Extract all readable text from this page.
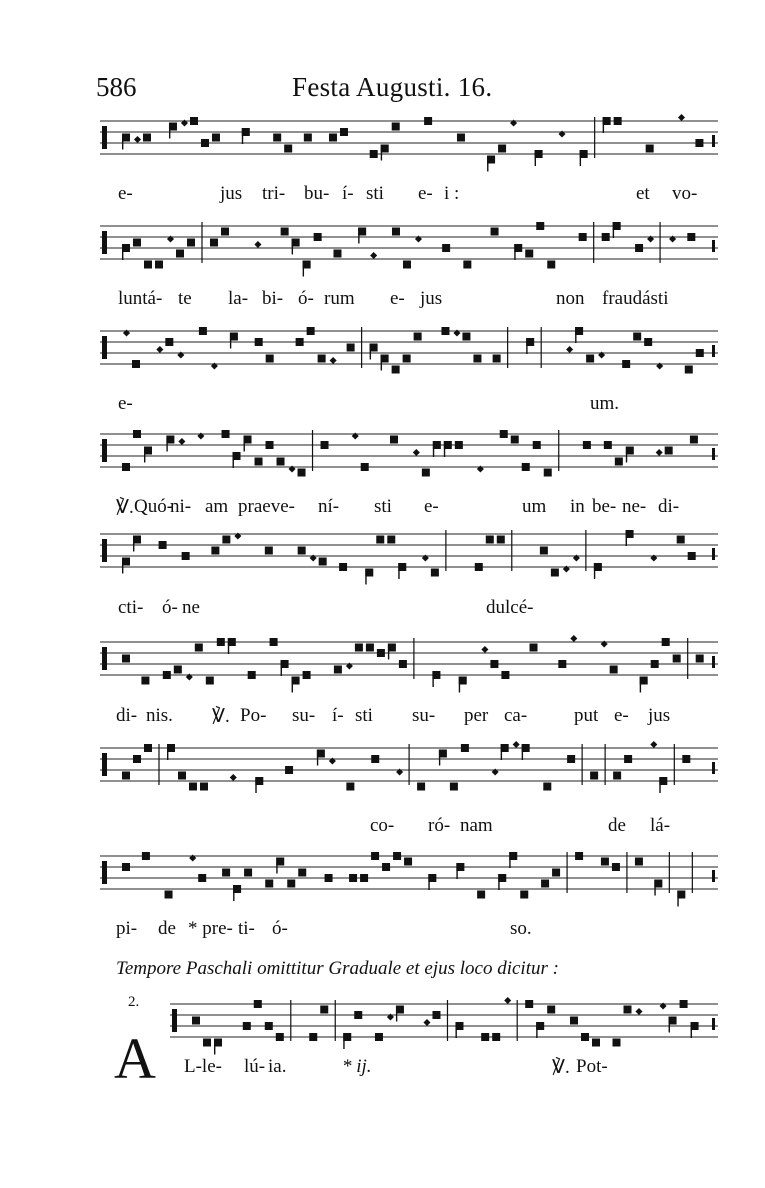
586	Festa Augusti. 16.
e-	jus tri- bu- í- sti e- i :	et vo-
luntá- te la- bi- ó- rum e- jus	non fraudásti
e-	um.
℣. Quó-
ni- am praeve- ní- sti e-	um in be- ne- di-
cti- ó- ne	dulcé-
di- nis. ℣. Po- su- í- sti su- per ca- put e- jus
co- ró- nam	de lá-
pi- de * pre- ti- ó-	so.
Tempore Paschali omittitur Graduale et ejus loco dicitur :
2.
A L-le- lú- ia.	* ij.	℣. Pot-
